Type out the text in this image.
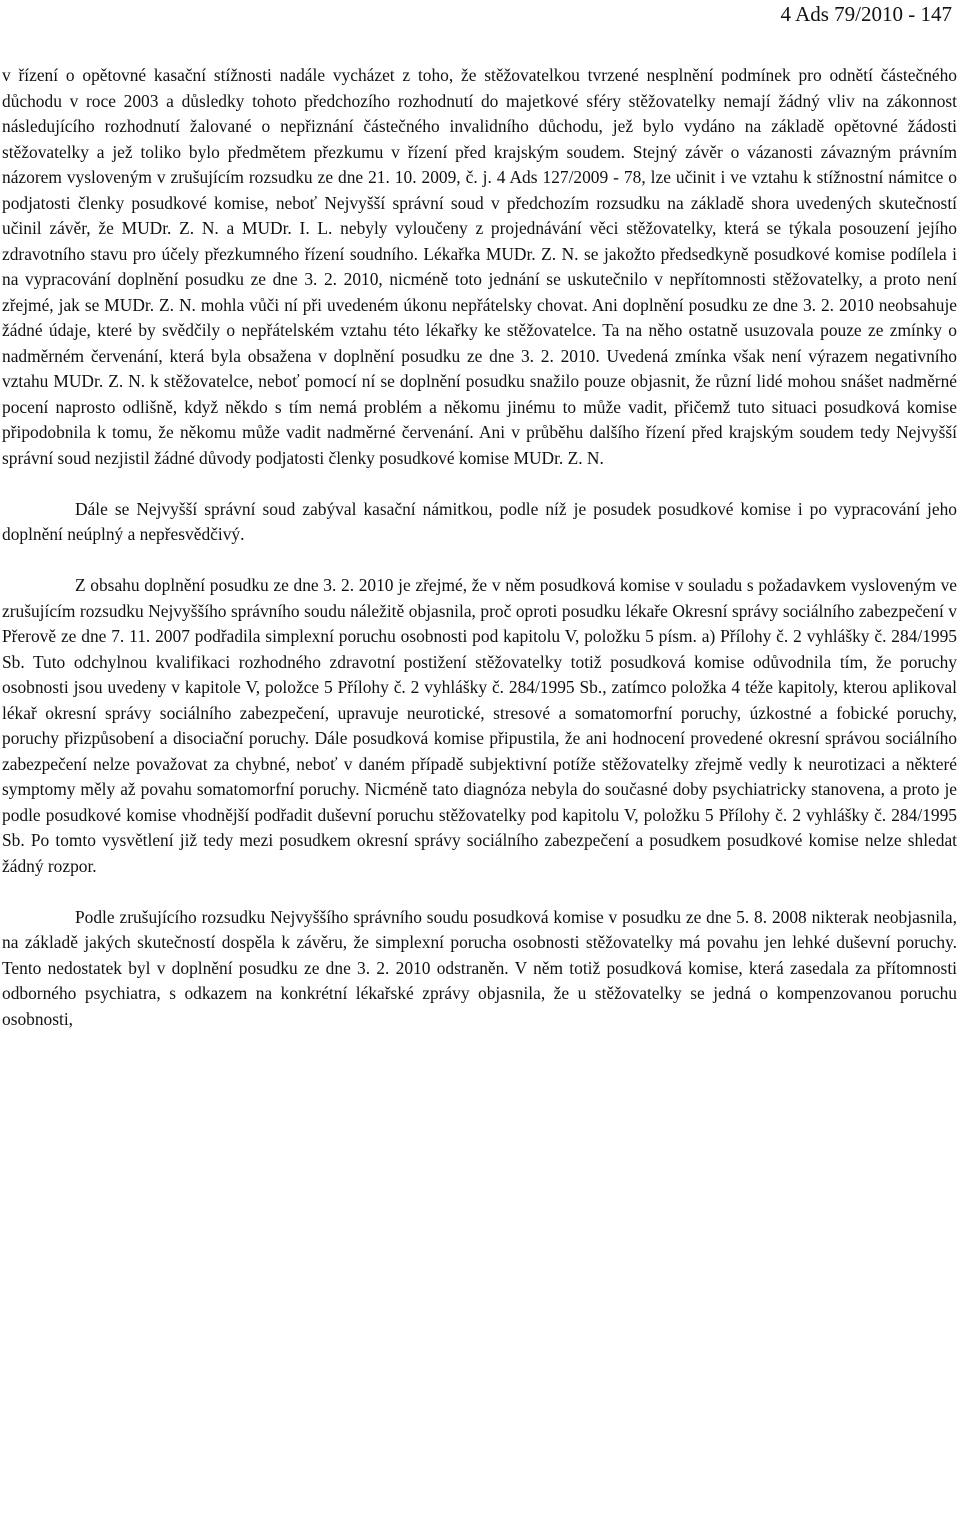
4 Ads 79/2010 - 147

v řízení o opětovné kasační stížnosti nadále vycházet z toho, že stěžovatelkou tvrzené nesplnění podmínek pro odnětí částečného důchodu v roce 2003 a důsledky tohoto předchozího rozhodnutí do majetkové sféry stěžovatelky nemají žádný vliv na zákonnost následujícího rozhodnutí žalované o nepřiznání částečného invalidního důchodu, jež bylo vydáno na základě opětovné žádosti stěžovatelky a jež toliko bylo předmětem přezkumu v řízení před krajským soudem. Stejný závěr o vázanosti závazným právním názorem vysloveným v zrušujícím rozsudku ze dne 21. 10. 2009, č. j. 4 Ads 127/2009 - 78, lze učinit i ve vztahu k stížnostní námitce o podjatosti členky posudkové komise, neboť Nejvyšší správní soud v předchozím rozsudku na základě shora uvedených skutečností učinil závěr, že MUDr. Z. N. a MUDr. I. L. nebyly vyloučeny z projednávání věci stěžovatelky, která se týkala posouzení jejího zdravotního stavu pro účely přezkumného řízení soudního. Lékařka MUDr. Z. N. se jakožto předsedkyně posudkové komise podílela i na vypracování doplnění posudku ze dne 3. 2. 2010, nicméně toto jednání se uskutečnilo v nepřítomnosti stěžovatelky, a proto není zřejmé, jak se MUDr. Z. N. mohla vůči ní při uvedeném úkonu nepřátelsky chovat. Ani doplnění posudku ze dne 3. 2. 2010 neobsahuje žádné údaje, které by svědčily o nepřátelském vztahu této lékařky ke stěžovatelce. Ta na něho ostatně usuzovala pouze ze zmínky o nadměrném červenání, která byla obsažena v doplnění posudku ze dne 3. 2. 2010. Uvedená zmínka však není výrazem negativního vztahu MUDr. Z. N. k stěžovatelce, neboť pomocí ní se doplnění posudku snažilo pouze objasnit, že různí lidé mohou snášet nadměrné pocení naprosto odlišně, když někdo s tím nemá problém a někomu jinému to může vadit, přičemž tuto situaci posudková komise připodobnila k tomu, že někomu může vadit nadměrné červenání. Ani v průběhu dalšího řízení před krajským soudem tedy Nejvyšší správní soud nezjistil žádné důvody podjatosti členky posudkové komise MUDr. Z. N.

Dále se Nejvyšší správní soud zabýval kasační námitkou, podle níž je posudek posudkové komise i po vypracování jeho doplnění neúplný a nepřesvědčivý.

Z obsahu doplnění posudku ze dne 3. 2. 2010 je zřejmé, že v něm posudková komise v souladu s požadavkem vysloveným ve zrušujícím rozsudku Nejvyššího správního soudu náležitě objasnila, proč oproti posudku lékaře Okresní správy sociálního zabezpečení v Přerově ze dne 7. 11. 2007 podřadila simplexní poruchu osobnosti pod kapitolu V, položku 5 písm. a) Přílohy č. 2 vyhlášky č. 284/1995 Sb. Tuto odchylnou kvalifikaci rozhodného zdravotní postižení stěžovatelky totiž posudková komise odůvodnila tím, že poruchy osobnosti jsou uvedeny v kapitole V, položce 5 Přílohy č. 2 vyhlášky č. 284/1995 Sb., zatímco položka 4 téže kapitoly, kterou aplikoval lékař okresní správy sociálního zabezpečení, upravuje neurotické, stresové a somatomorfní poruchy, úzkostné a fobické poruchy, poruchy přizpůsobení a disociační poruchy. Dále posudková komise připustila, že ani hodnocení provedené okresní správou sociálního zabezpečení nelze považovat za chybné, neboť v daném případě subjektivní potíže stěžovatelky zřejmě vedly k neurotizaci a některé symptomy měly až povahu somatomorfní poruchy. Nicméně tato diagnóza nebyla do současné doby psychiatricky stanovena, a proto je podle posudkové komise vhodnější podřadit duševní poruchu stěžovatelky pod kapitolu V, položku 5 Přílohy č. 2 vyhlášky č. 284/1995 Sb. Po tomto vysvětlení již tedy mezi posudkem okresní správy sociálního zabezpečení a posudkem posudkové komise nelze shledat žádný rozpor.

Podle zrušujícího rozsudku Nejvyššího správního soudu posudková komise v posudku ze dne 5. 8. 2008 nikterak neobjasnila, na základě jakých skutečností dospěla k závěru, že simplexní porucha osobnosti stěžovatelky má povahu jen lehké duševní poruchy. Tento nedostatek byl v doplnění posudku ze dne 3. 2. 2010 odstraněn. V něm totiž posudková komise, která zasedala za přítomnosti odborného psychiatra, s odkazem na konkrétní lékařské zprávy objasnila, že u stěžovatelky se jedná o kompenzovanou poruchu osobnosti,
